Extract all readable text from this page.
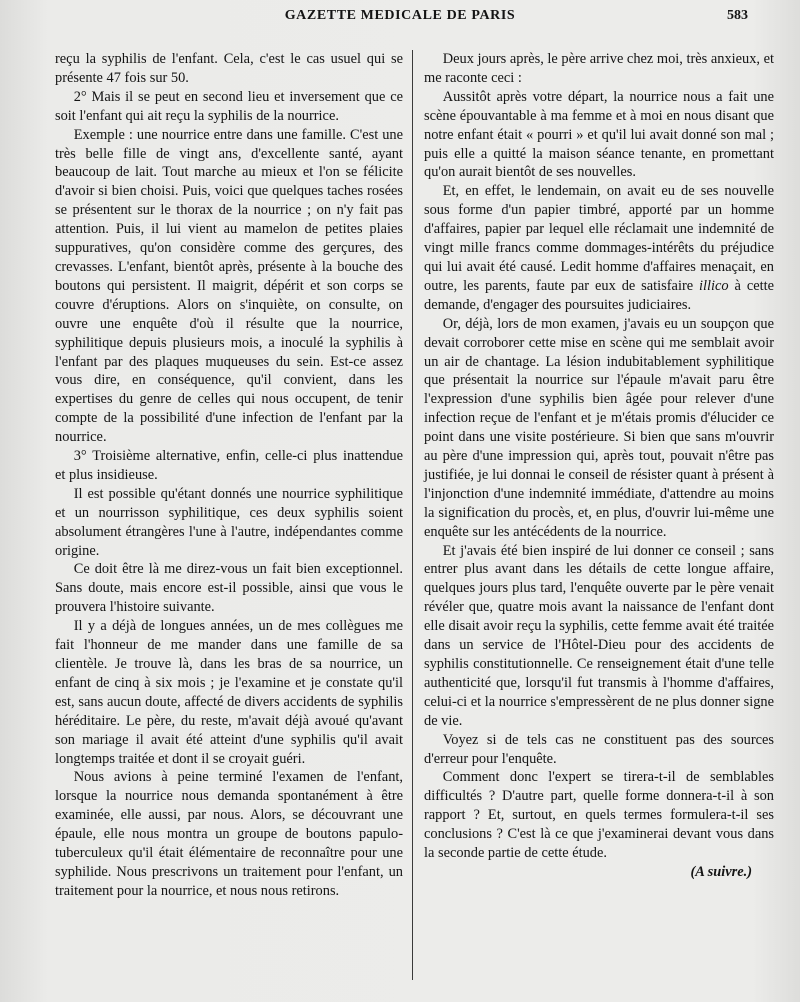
GAZETTE MEDICALE DE PARIS	583

reçu la syphilis de l'enfant. Cela, c'est le cas usuel qui se présente 47 fois sur 50.

2° Mais il se peut en second lieu et inversement que ce soit l'enfant qui ait reçu la syphilis de la nourrice.

Exemple : une nourrice entre dans une famille. C'est une très belle fille de vingt ans, d'excellente santé, ayant beaucoup de lait. Tout marche au mieux et l'on se félicite d'avoir si bien choisi. Puis, voici que quelques taches rosées se présentent sur le thorax de la nourrice ; on n'y fait pas attention. Puis, il lui vient au mamelon de petites plaies suppuratives, qu'on considère comme des gerçures, des crevasses. L'enfant, bientôt après, présente à la bouche des boutons qui persistent. Il maigrit, dépérit et son corps se couvre d'éruptions. Alors on s'inquiète, on consulte, on ouvre une enquête d'où il résulte que la nourrice, syphilitique depuis plusieurs mois, a inoculé la syphilis à l'enfant par des plaques muqueuses du sein. Est-ce assez vous dire, en conséquence, qu'il convient, dans les expertises du genre de celles qui nous occupent, de tenir compte de la possibilité d'une infection de l'enfant par la nourrice.

3° Troisième alternative, enfin, celle-ci plus inattendue et plus insidieuse.

Il est possible qu'étant donnés une nourrice syphilitique et un nourrisson syphilitique, ces deux syphilis soient absolument étrangères l'une à l'autre, indépendantes comme origine.

Ce doit être là me direz-vous un fait bien exceptionnel. Sans doute, mais encore est-il possible, ainsi que vous le prouvera l'histoire suivante.

Il y a déjà de longues années, un de mes collègues me fait l'honneur de me mander dans une famille de sa clientèle. Je trouve là, dans les bras de sa nourrice, un enfant de cinq à six mois ; je l'examine et je constate qu'il est, sans aucun doute, affecté de divers accidents de syphilis héréditaire. Le père, du reste, m'avait déjà avoué qu'avant son mariage il avait été atteint d'une syphilis qu'il avait longtemps traitée et dont il se croyait guéri.

Nous avions à peine terminé l'examen de l'enfant, lorsque la nourrice nous demanda spontanément à être examinée, elle aussi, par nous. Alors, se découvrant une épaule, elle nous montra un groupe de boutons papulo-tuberculeux qu'il était élémentaire de reconnaître pour une syphilide. Nous prescrivons un traitement pour l'enfant, un traitement pour la nourrice, et nous nous retirons.

Deux jours après, le père arrive chez moi, très anxieux, et me raconte ceci :

Aussitôt après votre départ, la nourrice nous a fait une scène épouvantable à ma femme et à moi en nous disant que notre enfant était « pourri » et qu'il lui avait donné son mal ; puis elle a quitté la maison séance tenante, en promettant qu'on aurait bientôt de ses nouvelles.

Et, en effet, le lendemain, on avait eu de ses nouvelle sous forme d'un papier timbré, apporté par un homme d'affaires, papier par lequel elle réclamait une indemnité de vingt mille francs comme dommages-intérêts du préjudice qui lui avait été causé. Ledit homme d'affaires menaçait, en outre, les parents, faute par eux de satisfaire illico à cette demande, d'engager des poursuites judiciaires.

Or, déjà, lors de mon examen, j'avais eu un soupçon que devait corroborer cette mise en scène qui me semblait avoir un air de chantage. La lésion indubitablement syphilitique que présentait la nourrice sur l'épaule m'avait paru être l'expression d'une syphilis bien âgée pour relever d'une infection reçue de l'enfant et je m'étais promis d'élucider ce point dans une visite postérieure. Si bien que sans m'ouvrir au père d'une impression qui, après tout, pouvait n'être pas justifiée, je lui donnai le conseil de résister quant à présent à l'injonction d'une indemnité immédiate, d'attendre au moins la signification du procès, et, en plus, d'ouvrir lui-même une enquête sur les antécédents de la nourrice.

Et j'avais été bien inspiré de lui donner ce conseil ; sans entrer plus avant dans les détails de cette longue affaire, quelques jours plus tard, l'enquête ouverte par le père venait révéler que, quatre mois avant la naissance de l'enfant dont elle disait avoir reçu la syphilis, cette femme avait été traitée dans un service de l'Hôtel-Dieu pour des accidents de syphilis constitutionnelle. Ce renseignement était d'une telle authenticité que, lorsqu'il fut transmis à l'homme d'affaires, celui-ci et la nourrice s'empressèrent de ne plus donner signe de vie.

Voyez si de tels cas ne constituent pas des sources d'erreur pour l'enquête.

Comment donc l'expert se tirera-t-il de semblables difficultés ? D'autre part, quelle forme donnera-t-il à son rapport ? Et, surtout, en quels termes formulera-t-il ses conclusions ? C'est là ce que j'examinerai devant vous dans la seconde partie de cette étude.

(A suivre.)
